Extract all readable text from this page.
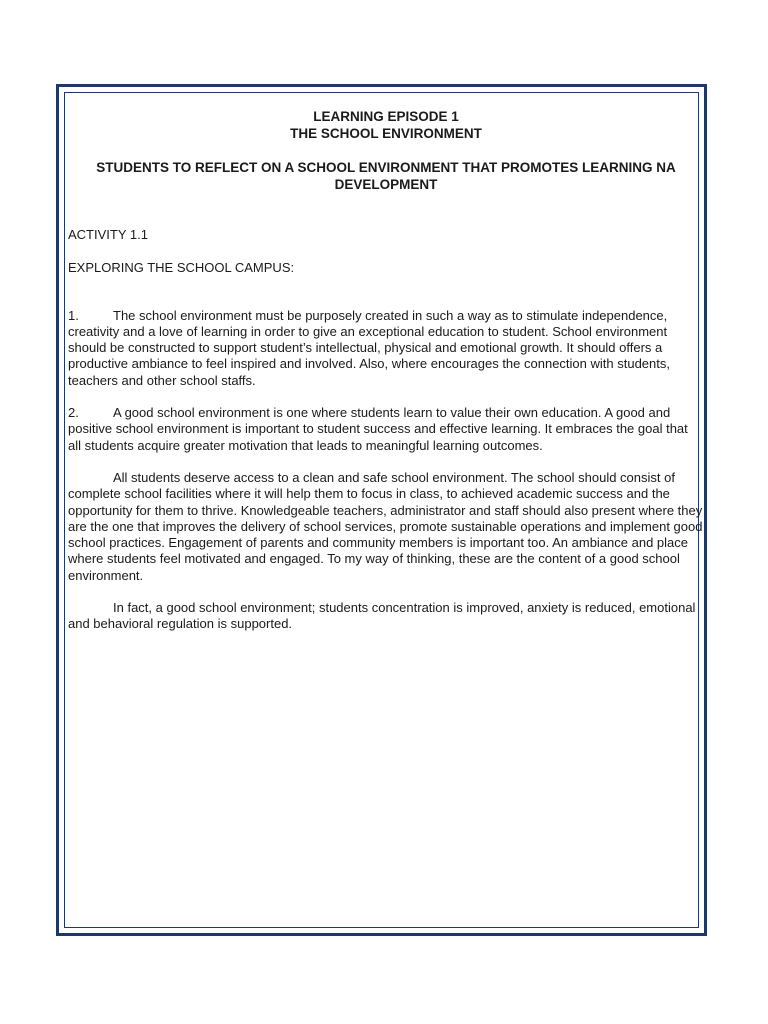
LEARNING EPISODE 1

THE SCHOOL ENVIRONMENT

STUDENTS TO REFLECT ON A SCHOOL ENVIRONMENT THAT PROMOTES LEARNING NA DEVELOPMENT

ACTIVITY 1.1

EXPLORING THE SCHOOL CAMPUS:

1.	The school environment must be purposely created in such a way as to stimulate independence, creativity and a love of learning in order to give an exceptional education to student. School environment should be constructed to support student’s intellectual, physical and emotional growth. It should offers a productive ambiance to feel inspired and involved. Also, where encourages the connection with students, teachers and other school staffs.

2.	A good school environment is one where students learn to value their own education. A good and positive school environment is important to student success and effective learning. It embraces the goal that all students acquire greater motivation that leads to meaningful learning outcomes.

All students deserve access to a clean and safe school environment. The school should consist of complete school facilities where it will help them to focus in class, to achieved academic success and the opportunity for them to thrive. Knowledgeable teachers, administrator and staff should also present where they are the one that improves the delivery of school services, promote sustainable operations and implement good school practices. Engagement of parents and community members is important too. An ambiance and place where students feel motivated and engaged. To my way of thinking, these are the content of a good school environment.

In fact, a good school environment; students concentration is improved, anxiety is reduced, emotional and behavioral regulation is supported.
